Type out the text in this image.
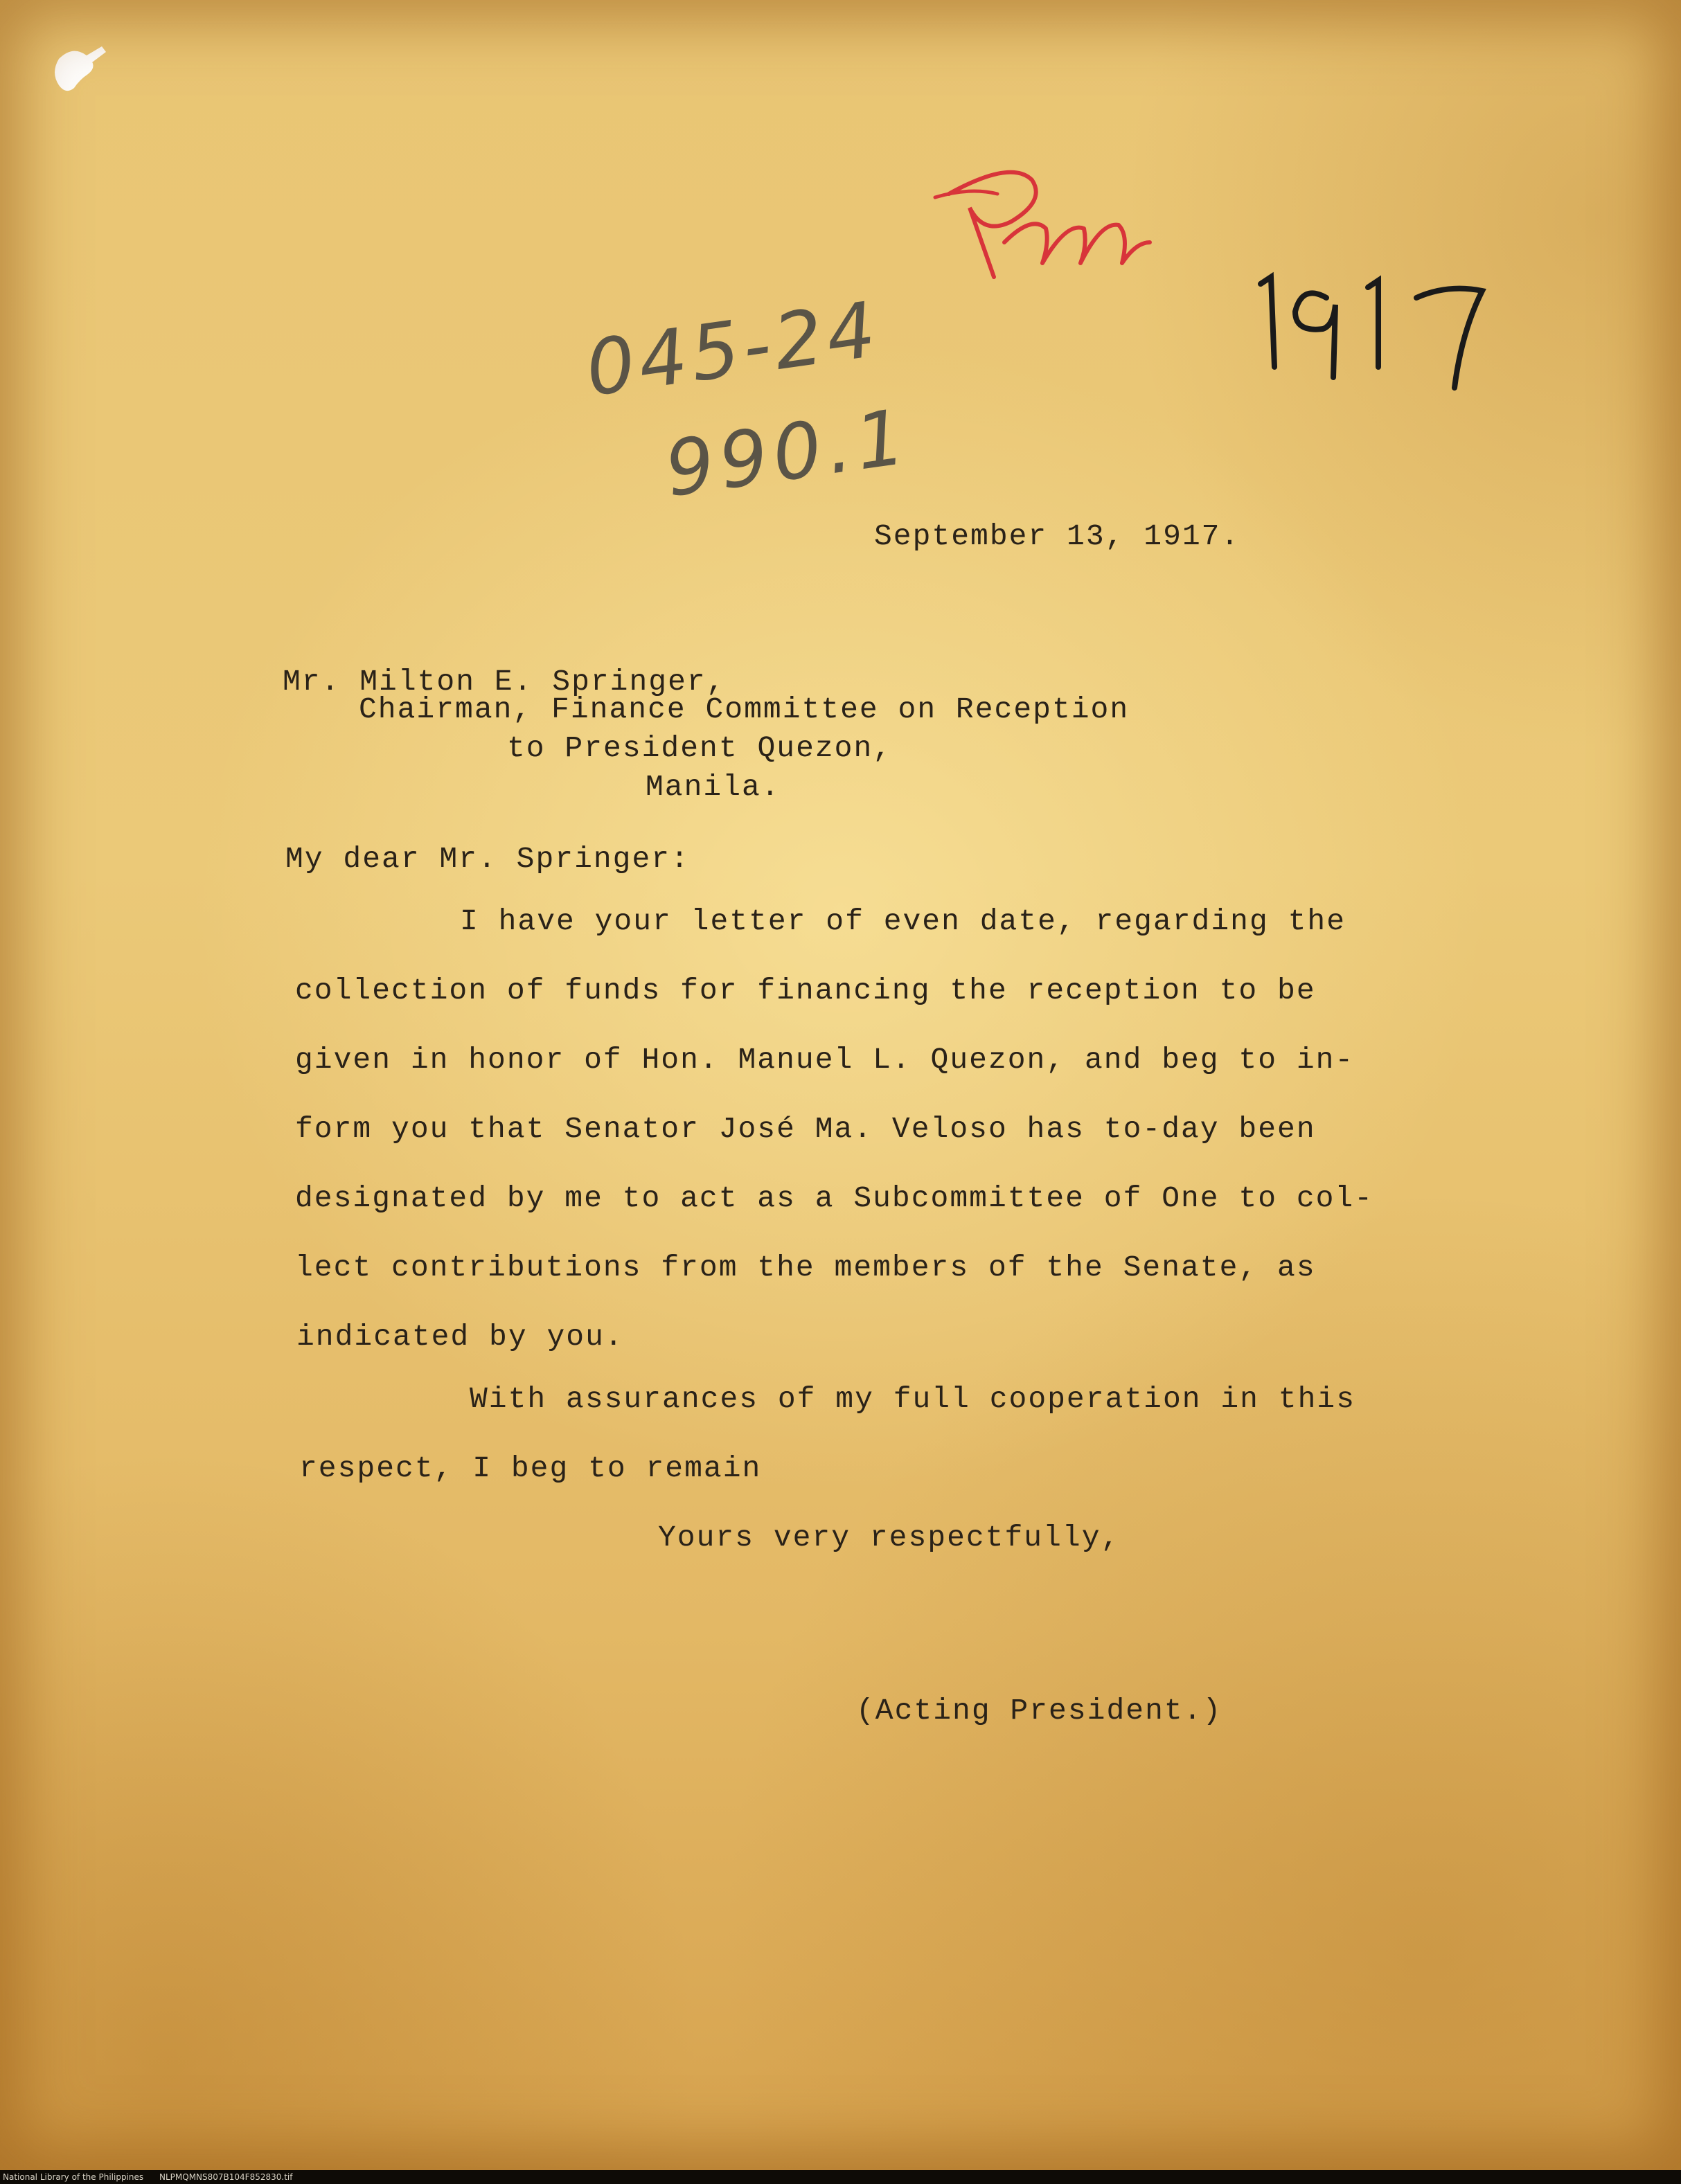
045-24
990.1
September 13, 1917.
Mr. Milton E. Springer,
Chairman, Finance Committee on Reception
to President Quezon,
Manila.
My dear Mr. Springer:
I have your letter of even date, regarding the
collection of funds for financing the reception to be
given in honor of Hon. Manuel L. Quezon, and beg to in-
form you that Senator José Ma. Veloso has to-day been
designated by me to act as a Subcommittee of One to col-
lect contributions from the members of the Senate, as
indicated by you.
With assurances of my full cooperation in this
respect, I beg to remain
Yours very respectfully,
(Acting President.)
National Library of the Philippines NLPMQMNS807B104F852830.tif
